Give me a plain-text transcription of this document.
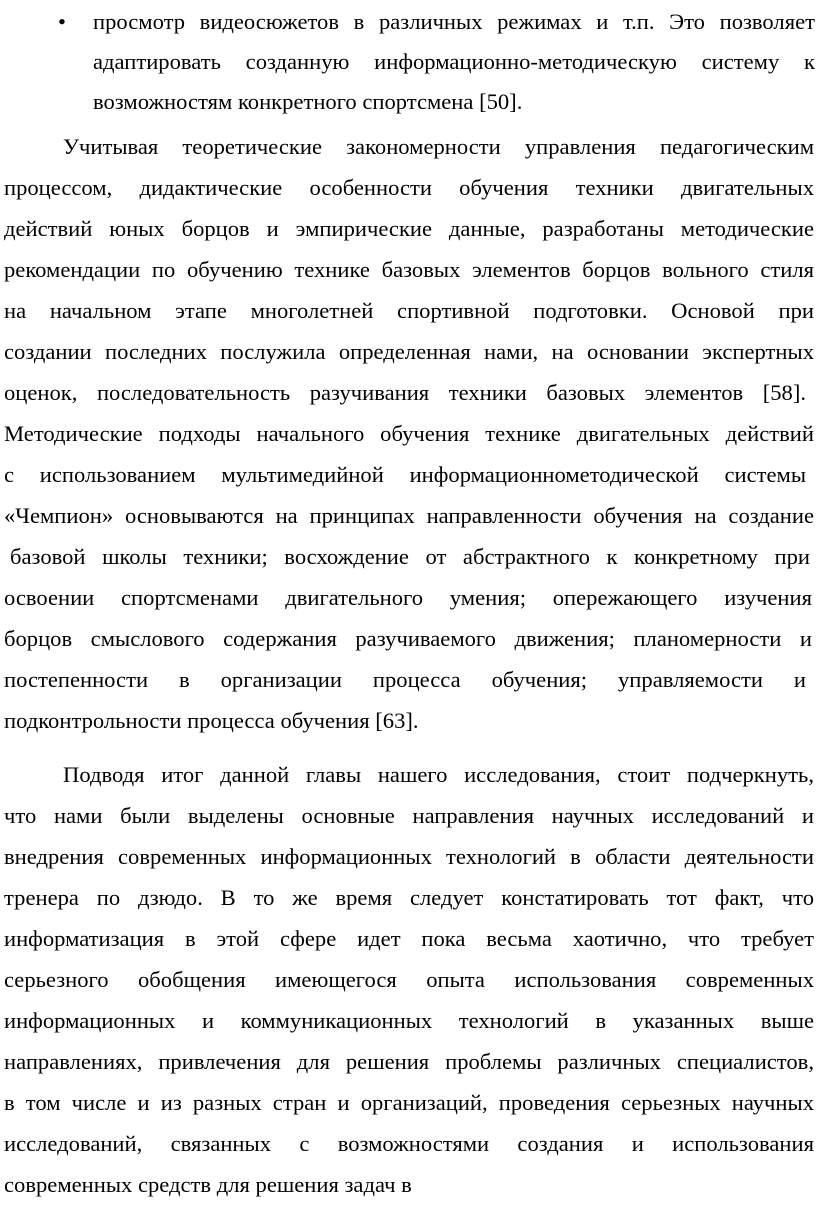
• просмотр видеосюжетов в различных режимах и т.п. Это позволяет
адаптировать созданную информационно-методическую систему к
возможностям конкретного спортсмена [50].
Учитывая теоретические закономерности управления педагогическим
процессом, дидактические особенности обучения техники двигательных
действий юных борцов и эмпирические данные, разработаны методические
рекомендации по обучению технике базовых элементов борцов вольного стиля
на начальном этапе многолетней спортивной подготовки. Основой при
создании последних послужила определенная нами, на основании экспертных
оценок, последовательность разучивания техники базовых элементов [58].
Методические подходы начального обучения технике двигательных действий
с использованием мультимедийной информационнометодической системы
«Чемпион» основываются на принципах направленности обучения на создание
базовой школы техники; восхождение от абстрактного к конкретному при
освоении спортсменами двигательного умения; опережающего изучения
борцов смыслового содержания разучиваемого движения; планомерности и
постепенности в организации процесса обучения; управляемости и
подконтрольности процесса обучения [63].
Подводя итог данной главы нашего исследования, стоит подчеркнуть,
что нами были выделены основные направления научных исследований и
внедрения современных информационных технологий в области деятельности
тренера по дзюдо. В то же время следует констатировать тот факт, что
информатизация в этой сфере идет пока весьма хаотично, что требует
серьезного обобщения имеющегося опыта использования современных
информационных и коммуникационных технологий в указанных выше
направлениях, привлечения для решения проблемы различных специалистов,
в том числе и из разных стран и организаций, проведения серьезных научных
исследований, связанных с возможностями создания и использования
современных средств для решения задач в
